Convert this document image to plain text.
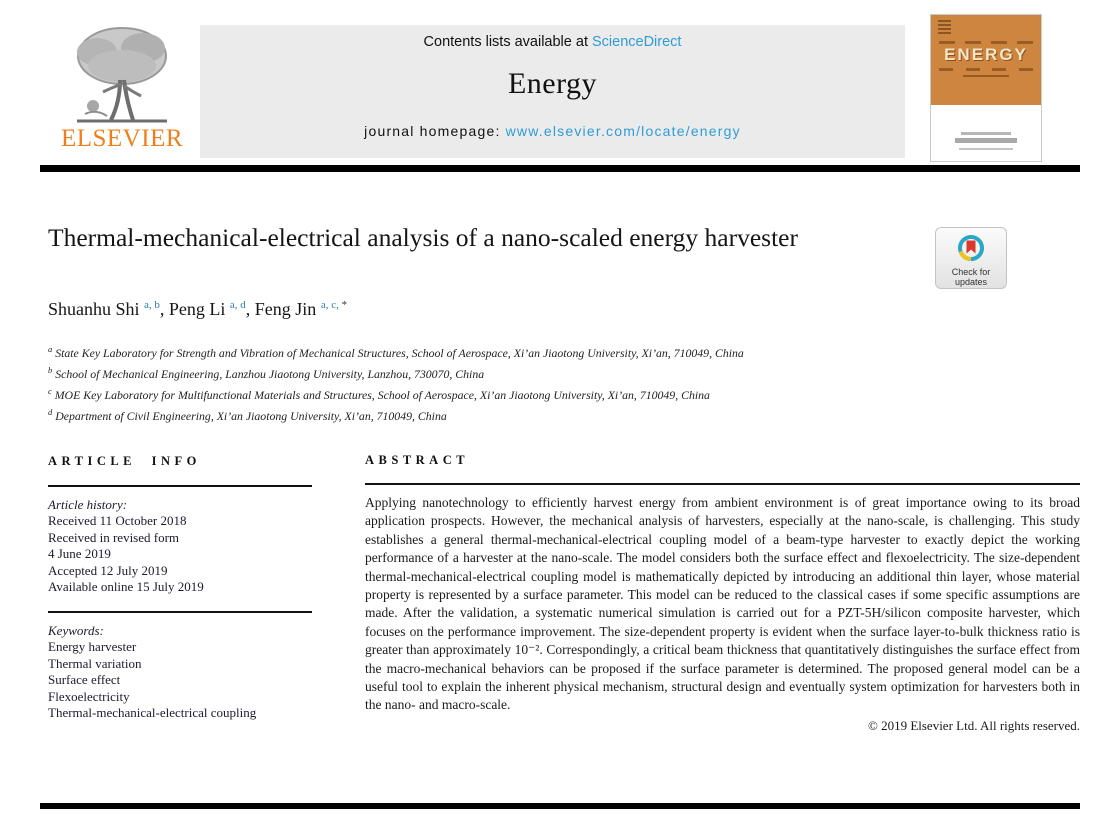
ELSEVIER
Contents lists available at ScienceDirect
Energy
journal homepage: www.elsevier.com/locate/energy
ENERGY
Thermal-mechanical-electrical analysis of a nano-scaled energy harvester
Check for
updates
Shuanhu Shi $^{a, b}$, Peng Li $^{a, d}$, Feng Jin $^{a, c, *}$
$^a$ State Key Laboratory for Strength and Vibration of Mechanical Structures, School of Aerospace, Xi’an Jiaotong University, Xi’an, 710049, China
$^b$ School of Mechanical Engineering, Lanzhou Jiaotong University, Lanzhou, 730070, China
$^c$ MOE Key Laboratory for Multifunctional Materials and Structures, School of Aerospace, Xi’an Jiaotong University, Xi’an, 710049, China
$^d$ Department of Civil Engineering, Xi’an Jiaotong University, Xi’an, 710049, China
ARTICLE INFO
Article history:
Received 11 October 2018
Received in revised form
4 June 2019
Accepted 12 July 2019
Available online 15 July 2019
Keywords:
Energy harvester
Thermal variation
Surface effect
Flexoelectricity
Thermal-mechanical-electrical coupling
ABSTRACT
Applying nanotechnology to efficiently harvest energy from ambient environment is of great importance owing to its broad application prospects. However, the mechanical analysis of harvesters, especially at the nano-scale, is challenging. This study establishes a general thermal-mechanical-electrical coupling model of a beam-type harvester to exactly depict the working performance of a harvester at the nano-scale. The model considers both the surface effect and flexoelectricity. The size-dependent thermal-mechanical-electrical coupling model is mathematically depicted by introducing an additional thin layer, whose material property is represented by a surface parameter. This model can be reduced to the classical cases if some specific assumptions are made. After the validation, a systematic numerical simulation is carried out for a PZT-5H/silicon composite harvester, which focuses on the performance improvement. The size-dependent property is evident when the surface layer-to-bulk thickness ratio is greater than approximately 10⁻². Correspondingly, a critical beam thickness that quantitatively distinguishes the surface effect from the macro-mechanical behaviors can be proposed if the surface parameter is determined. The proposed general model can be a useful tool to explain the inherent physical mechanism, structural design and eventually system optimization for harvesters both in the nano- and macro-scale.
© 2019 Elsevier Ltd. All rights reserved.
